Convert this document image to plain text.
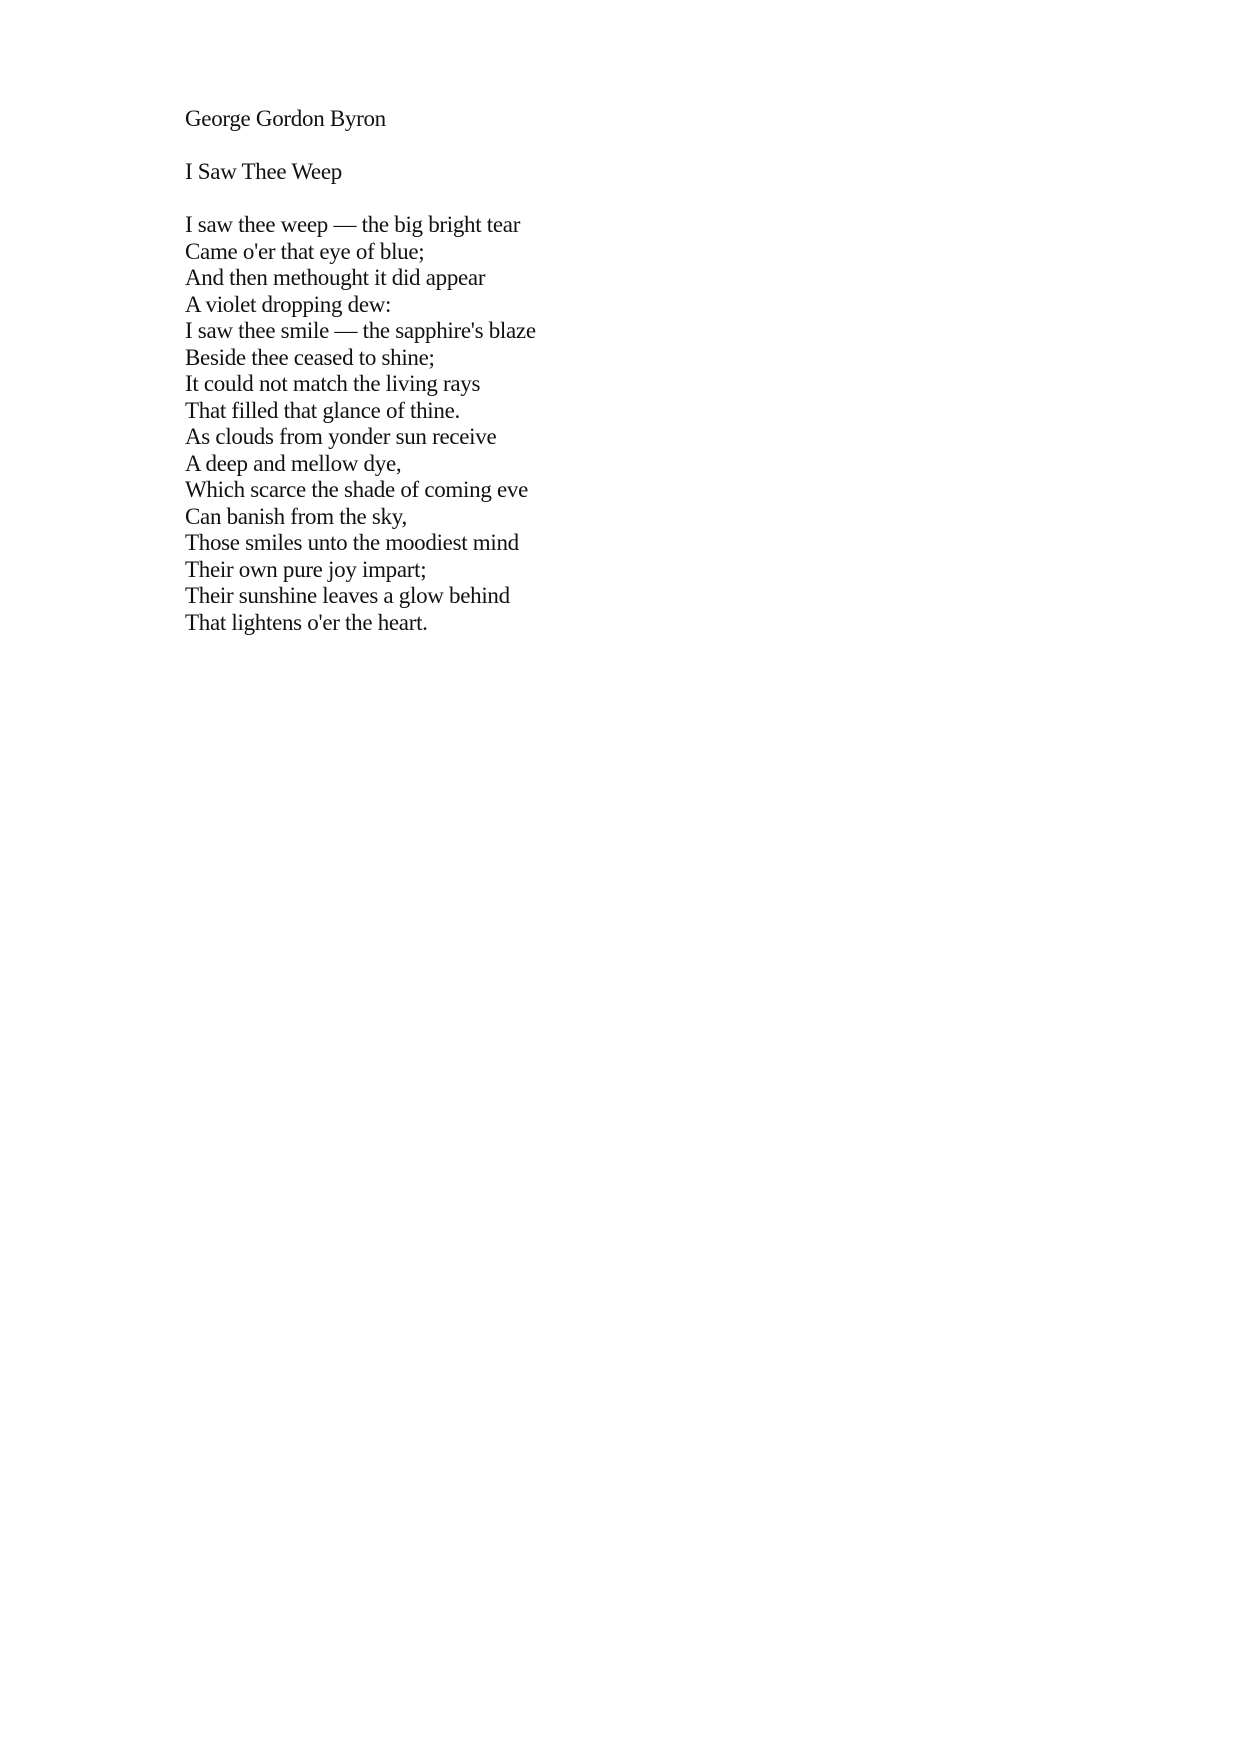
George Gordon Byron

I Saw Thee Weep
I saw thee weep — the big bright tear
Came o'er that eye of blue;
And then methought it did appear
A violet dropping dew:
I saw thee smile — the sapphire's blaze
Beside thee ceased to shine;
It could not match the living rays
That filled that glance of thine.
As clouds from yonder sun receive
A deep and mellow dye,
Which scarce the shade of coming eve
Can banish from the sky,
Those smiles unto the moodiest mind
Their own pure joy impart;
Their sunshine leaves a glow behind
That lightens o'er the heart.
